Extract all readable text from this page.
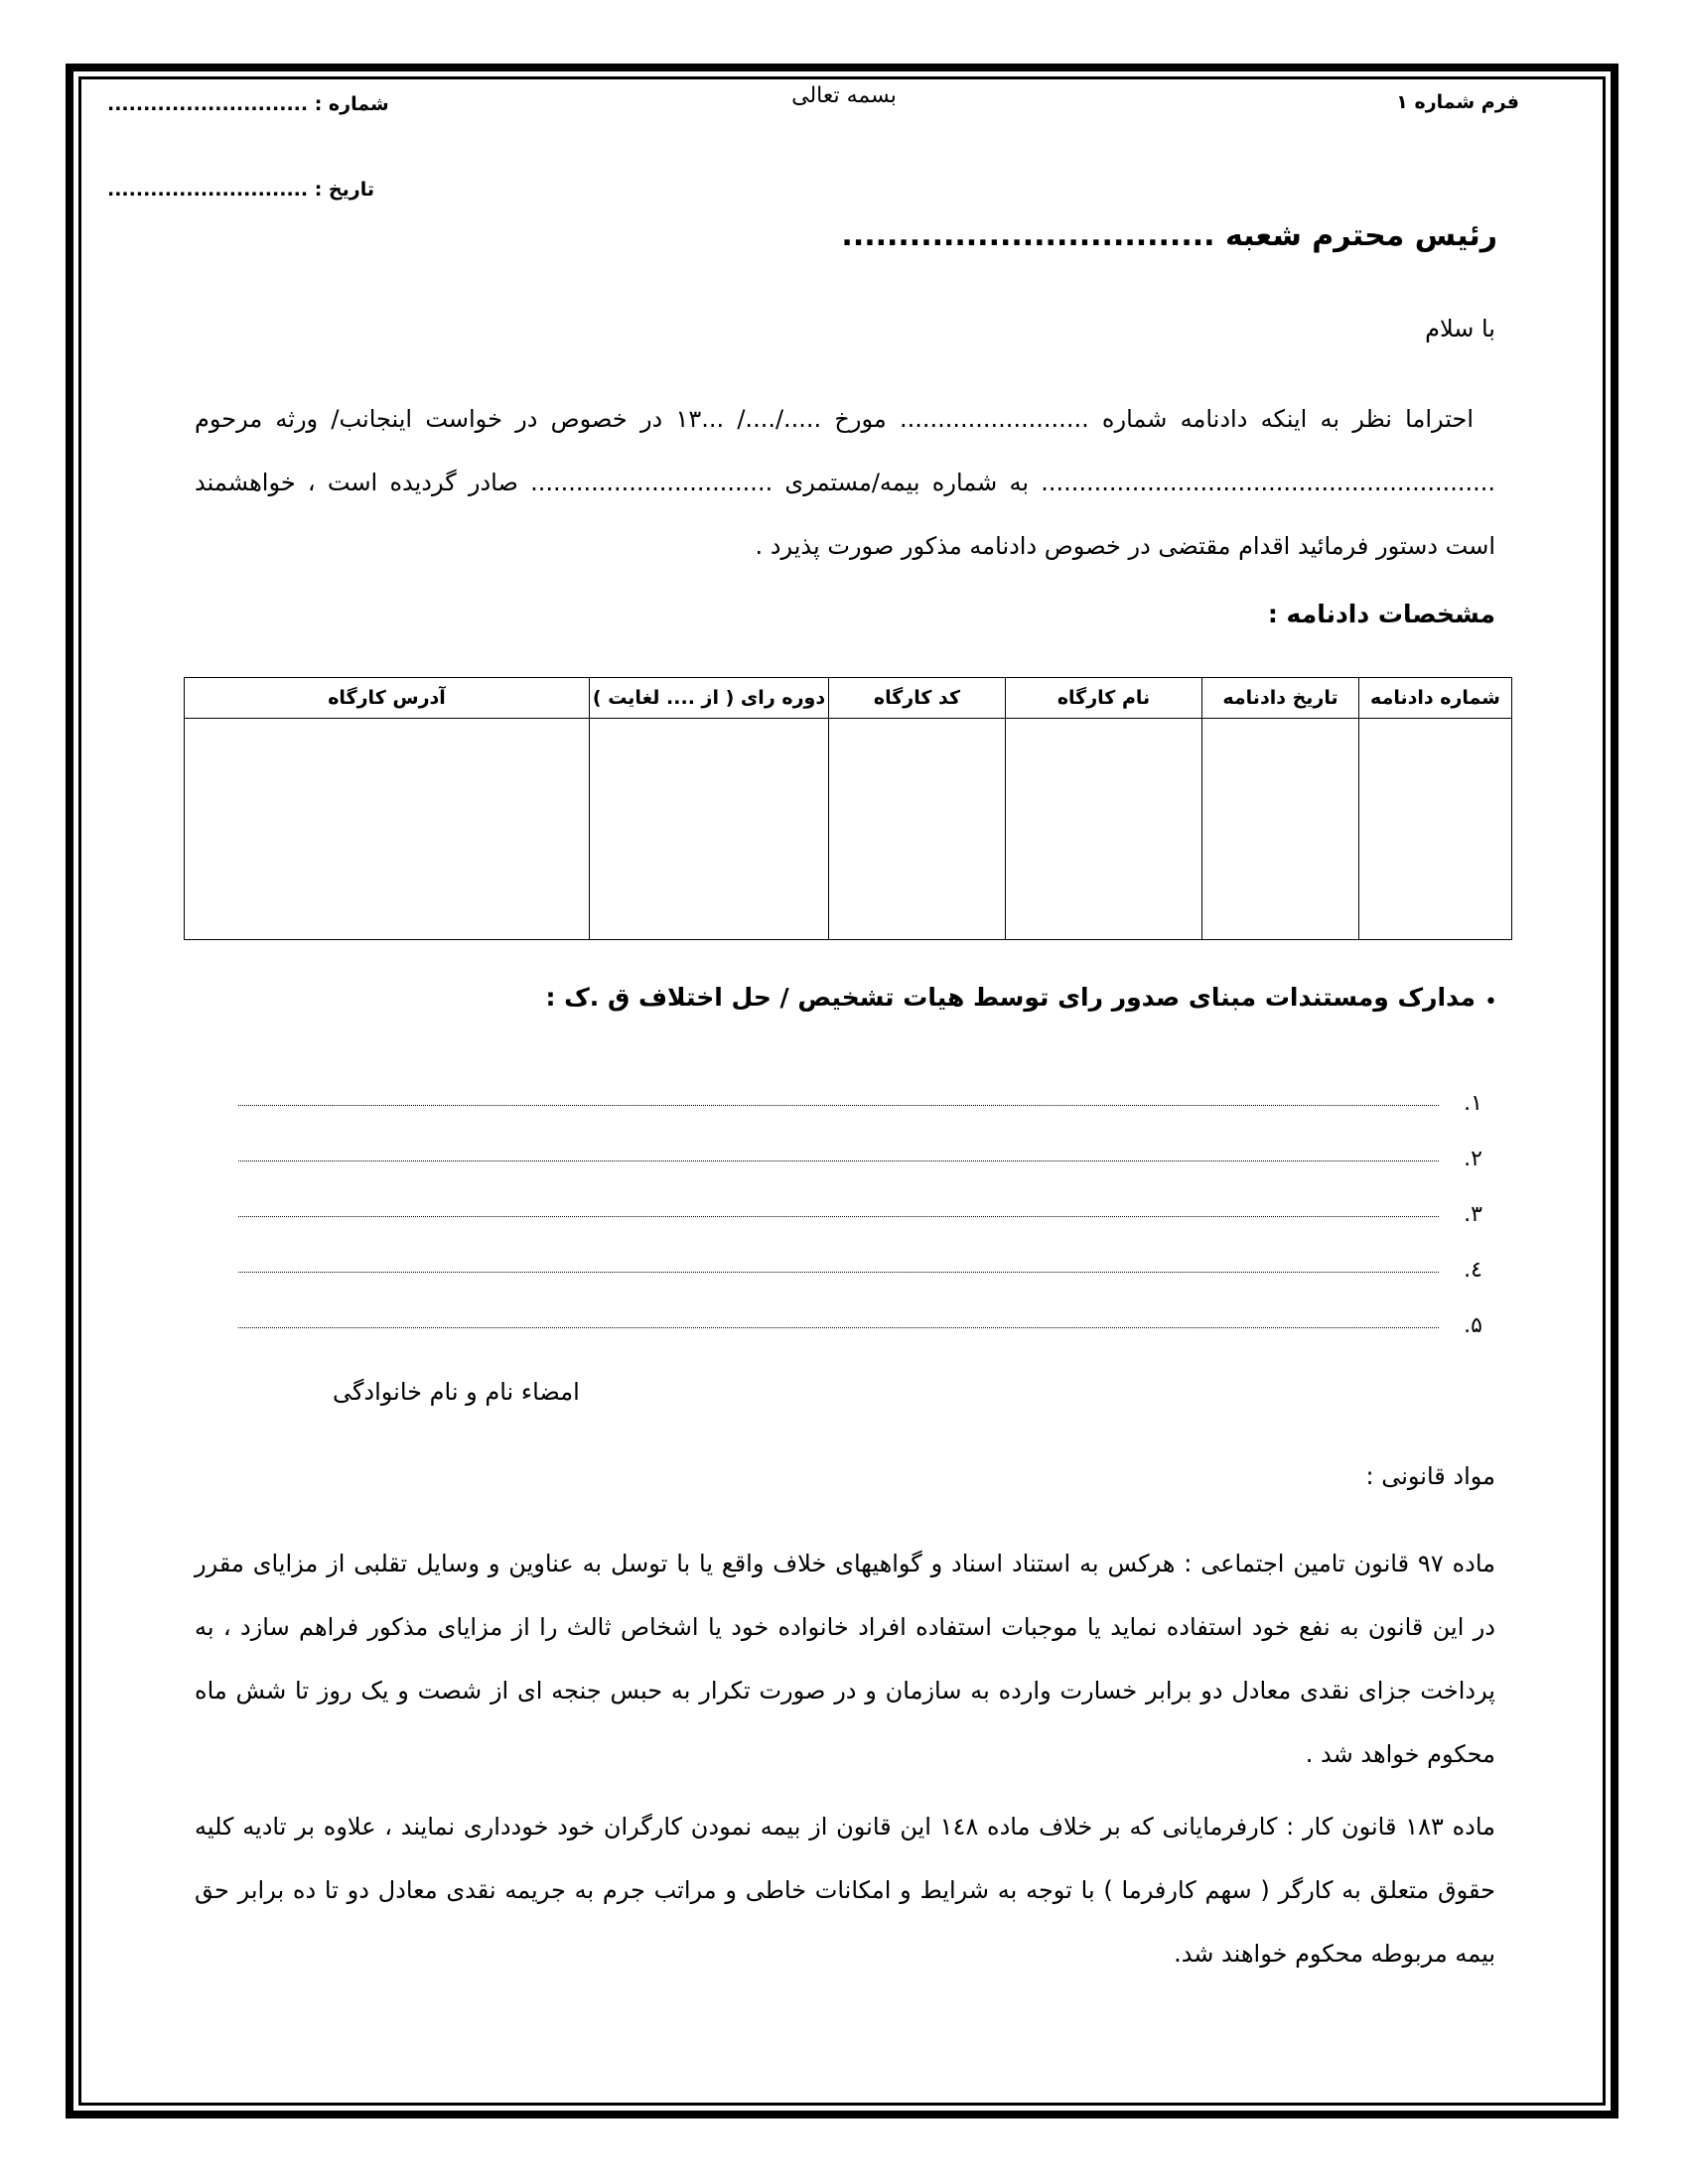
فرم شماره ۱
بسمه تعالی
شماره : ............................
تاریخ : ............................
رئیس محترم شعبه .................................
با سلام
احتراما نظر به اینکه دادنامه شماره ......................... مورخ ...../..../ ...۱۳ در خصوص در خواست اینجانب/ ورثه مرحوم ............................................................ به شماره بیمه/مستمری ................................ صادر گردیده است ، خواهشمند است دستور فرمائید اقدام مقتضی در خصوص دادنامه مذکور صورت پذیرد .
مشخصات دادنامه :
شماره دادنامه	تاریخ دادنامه	نام کارگاه	کد کارگاه	دوره رای ( از .... لغایت )	آدرس کارگاه

•
مدارک ومستندات مبنای صدور رای توسط هیات تشخیص / حل اختلاف ق .ک :
۱.
۲.
۳.
٤.
۵.
امضاء نام و نام خانوادگی
مواد قانونی :
ماده ۹۷ قانون تامین اجتماعی : هرکس به استناد اسناد و گواهیهای خلاف واقع یا با توسل به عناوین و وسایل تقلبی از مزایای مقرر در این قانون به نفع خود استفاده نماید یا موجبات استفاده افراد خانواده خود یا اشخاص ثالث را از مزایای مذکور فراهم سازد ، به پرداخت جزای نقدی معادل دو برابر خسارت وارده به سازمان و در صورت تکرار به حبس جنجه ای از شصت و یک روز تا شش ماه محکوم خواهد شد .
ماده ۱۸۳ قانون کار : کارفرمایانی که بر خلاف ماده ۱٤۸ این قانون از بیمه نمودن کارگران خود خودداری نمایند ، علاوه بر تادیه کلیه حقوق متعلق به کارگر ( سهم کارفرما ) با توجه به شرایط و امکانات خاطی و مراتب جرم به جریمه نقدی معادل دو تا ده برابر حق بیمه مربوطه محکوم خواهند شد.
